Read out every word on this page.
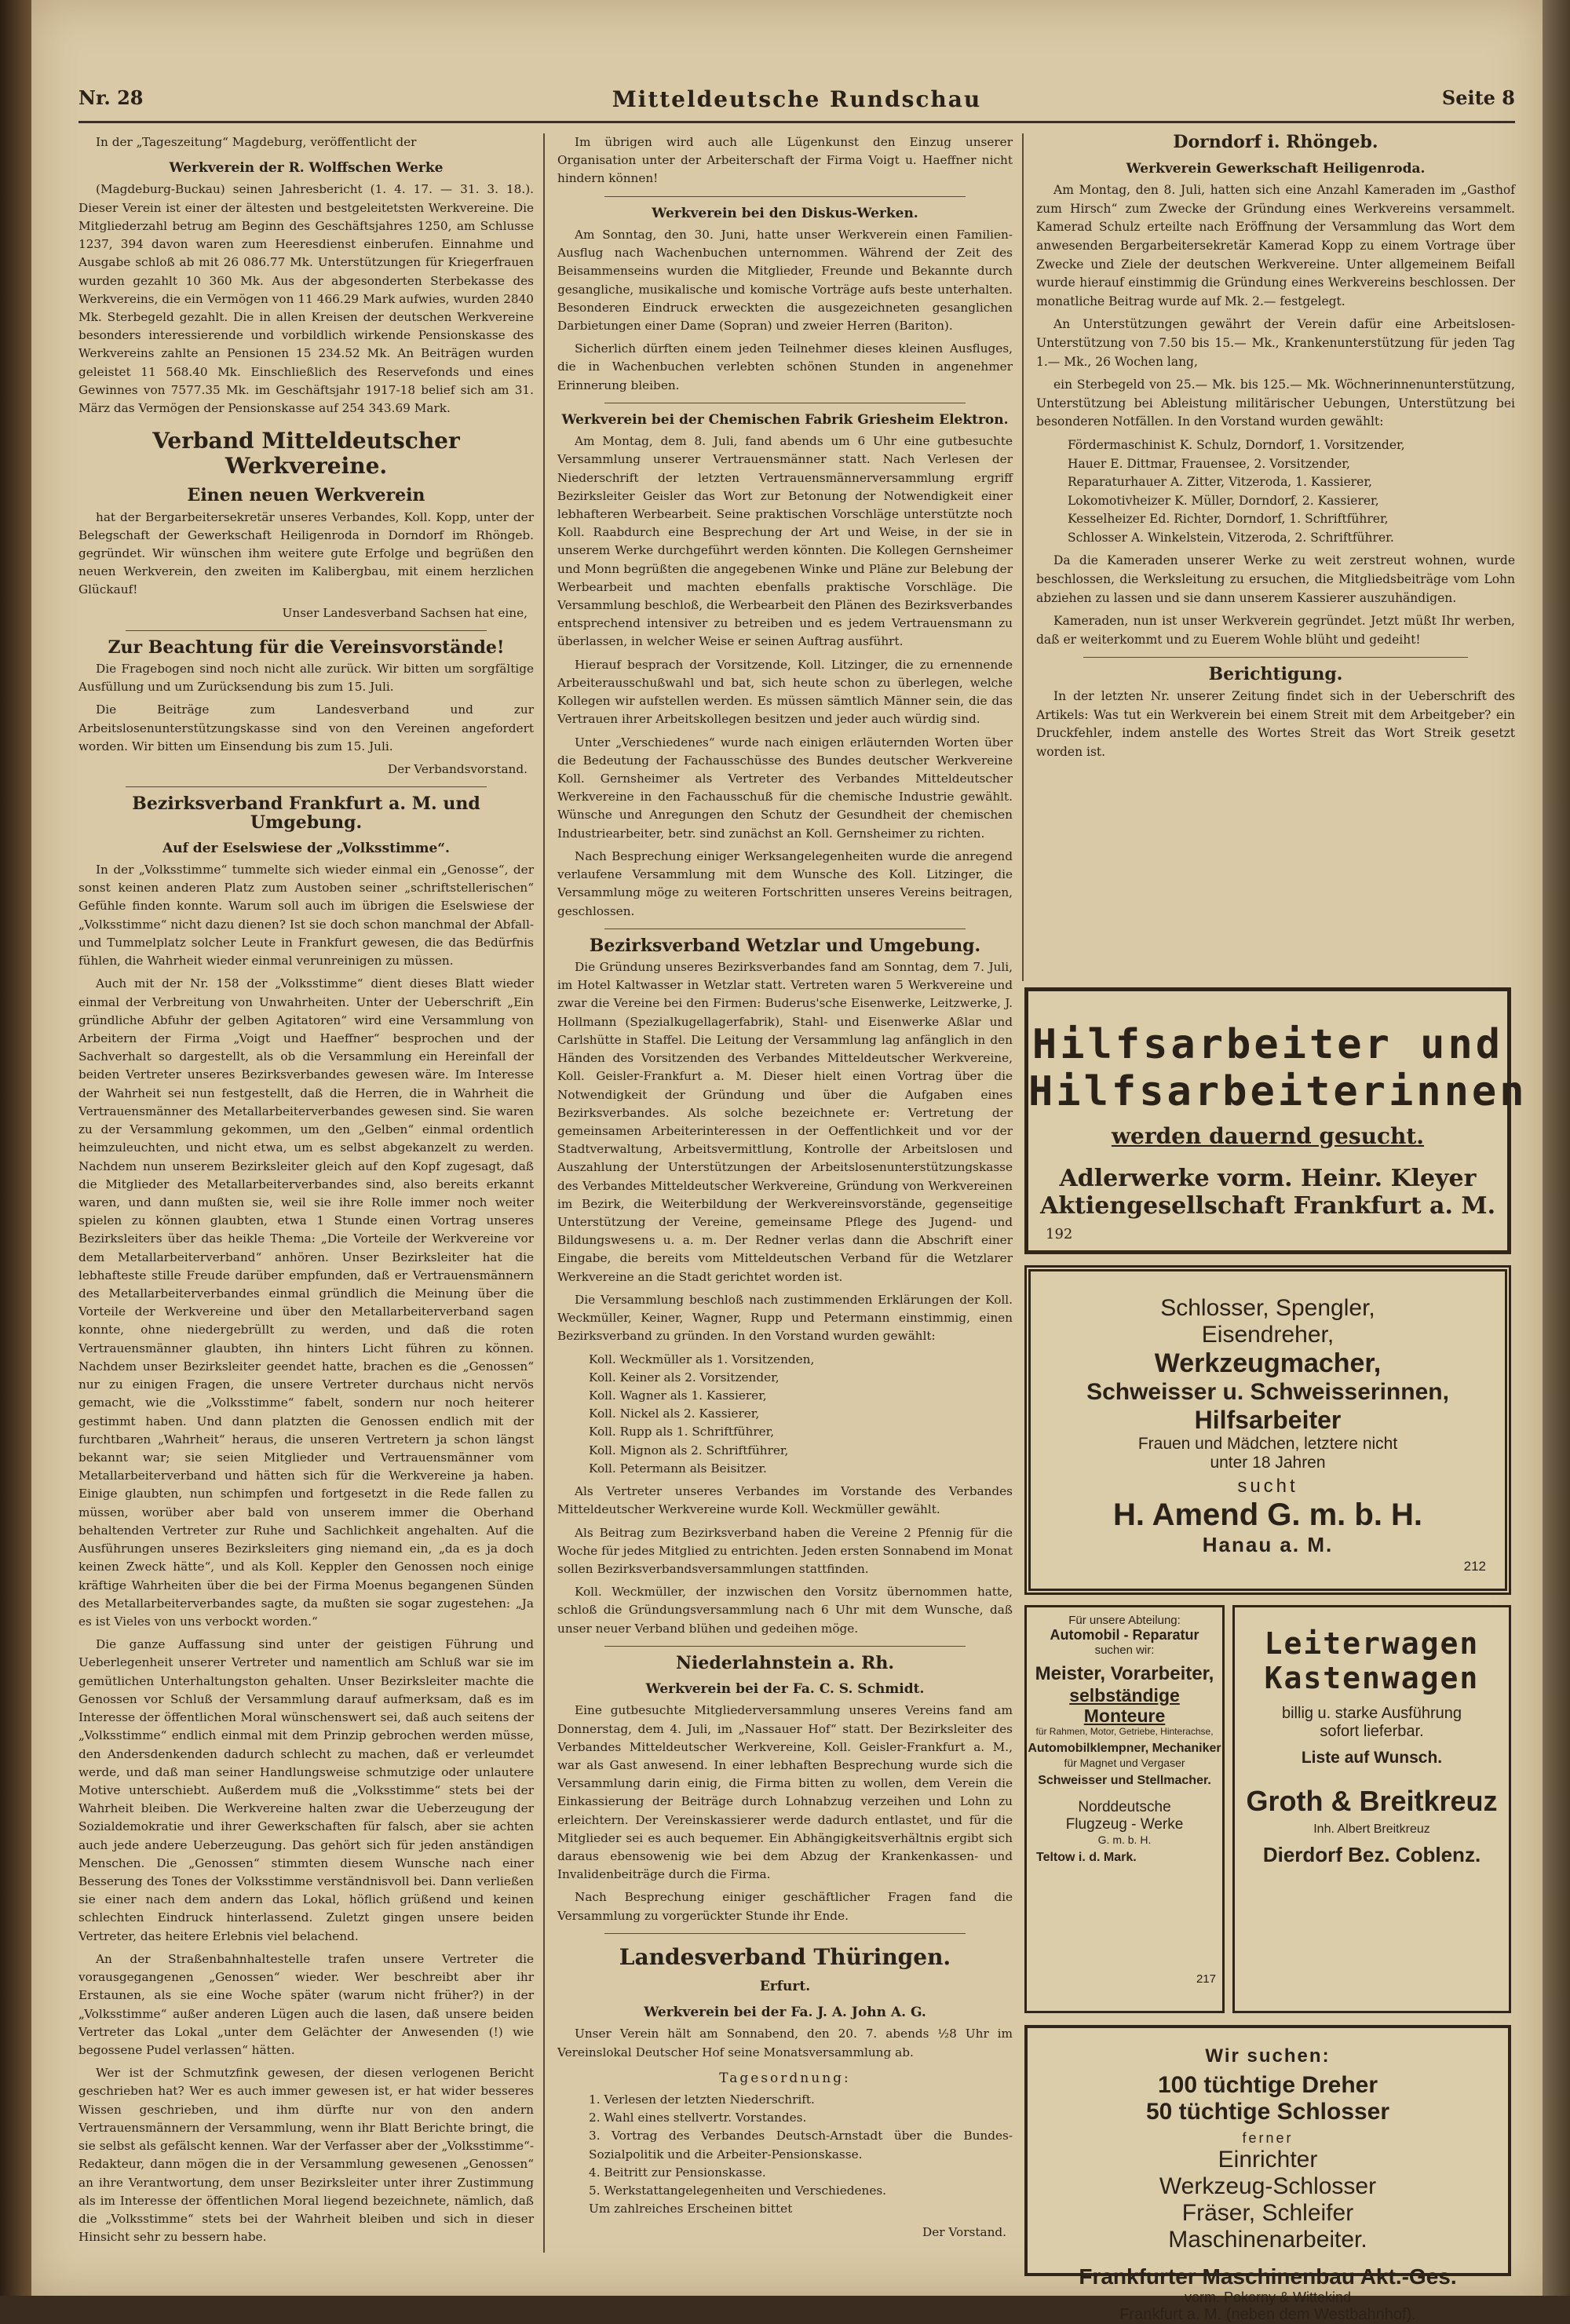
Nr. 28	Mitteldeutsche Rundschau	Seite 8

In der „Tageszeitung“ Magdeburg, veröffentlicht der

Werkverein der R. Wolffschen Werke

(Magdeburg-Buckau) seinen Jahresbericht (1. 4. 17. — 31. 3. 18.). Dieser Verein ist einer der ältesten und bestgeleitetsten Werkvereine. Die Mitgliederzahl betrug am Beginn des Geschäftsjahres 1250, am Schlusse 1237, 394 davon waren zum Heeresdienst einberufen. Einnahme und Ausgabe schloß ab mit 26 086.77 Mk. Unterstützungen für Kriegerfrauen wurden gezahlt 10 360 Mk. Aus der abgesonderten Sterbekasse des Werkvereins, die ein Vermögen von 11 466.29 Mark aufwies, wurden 2840 Mk. Sterbegeld gezahlt. Die in allen Kreisen der deutschen Werkvereine besonders interessierende und vorbildlich wirkende Pensionskasse des Werkvereins zahlte an Pensionen 15 234.52 Mk. An Beiträgen wurden geleistet 11 568.40 Mk. Einschließlich des Reservefonds und eines Gewinnes von 7577.35 Mk. im Geschäftsjahr 1917-18 belief sich am 31. März das Vermögen der Pensionskasse auf 254 343.69 Mark.

Verband Mitteldeutscher Werkvereine.
Einen neuen Werkverein

hat der Bergarbeitersekretär unseres Verbandes, Koll. Kopp, unter der Belegschaft der Gewerkschaft Heiligenroda in Dorndorf im Rhöngeb. gegründet. Wir wünschen ihm weitere gute Erfolge und begrüßen den neuen Werkverein, den zweiten im Kalibergbau, mit einem herzlichen Glückauf!

Unser Landesverband Sachsen hat eine,
Zur Beachtung für die Vereinsvorstände!

Die Fragebogen sind noch nicht alle zurück. Wir bitten um sorgfältige Ausfüllung und um Zurücksendung bis zum 15. Juli.

Die Beiträge zum Landesverband und zur Arbeitslosenunterstützungskasse sind von den Vereinen angefordert worden. Wir bitten um Einsendung bis zum 15. Juli.

Der Verbandsvorstand.
Bezirksverband Frankfurt a. M. und Umgebung.
Auf der Eselswiese der „Volksstimme“.

In der „Volksstimme“ tummelte sich wieder einmal ein „Genosse“, der sonst keinen anderen Platz zum Austoben seiner „schriftstellerischen“ Gefühle finden konnte. Warum soll auch im übrigen die Eselswiese der „Volksstimme“ nicht dazu dienen? Ist sie doch schon manchmal der Abfall- und Tummelplatz solcher Leute in Frankfurt gewesen, die das Bedürfnis fühlen, die Wahrheit wieder einmal verunreinigen zu müssen.

Auch mit der Nr. 158 der „Volksstimme“ dient dieses Blatt wieder einmal der Verbreitung von Unwahrheiten. Unter der Ueberschrift „Ein gründliche Abfuhr der gelben Agitatoren“ wird eine Versammlung von Arbeitern der Firma „Voigt und Haeffner“ besprochen und der Sachverhalt so dargestellt, als ob die Versammlung ein Hereinfall der beiden Vertreter unseres Bezirksverbandes gewesen wäre. Im Interesse der Wahrheit sei nun festgestellt, daß die Herren, die in Wahrheit die Vertrauensmänner des Metallarbeiterverbandes gewesen sind. Sie waren zu der Versammlung gekommen, um den „Gelben“ einmal ordentlich heimzuleuchten, und nicht etwa, um es selbst abgekanzelt zu werden. Nachdem nun unserem Bezirksleiter gleich auf den Kopf zugesagt, daß die Mitglieder des Metallarbeiterverbandes sind, also bereits erkannt waren, und dann mußten sie, weil sie ihre Rolle immer noch weiter spielen zu können glaubten, etwa 1 Stunde einen Vortrag unseres Bezirksleiters über das heikle Thema: „Die Vorteile der Werkvereine vor dem Metallarbeiterverband“ anhören. Unser Bezirksleiter hat die lebhafteste stille Freude darüber empfunden, daß er Vertrauensmännern des Metallarbeiterverbandes einmal gründlich die Meinung über die Vorteile der Werkvereine und über den Metallarbeiterverband sagen konnte, ohne niedergebrüllt zu werden, und daß die roten Vertrauensmänner glaubten, ihn hinters Licht führen zu können. Nachdem unser Bezirksleiter geendet hatte, brachen es die „Genossen“ nur zu einigen Fragen, die unsere Vertreter durchaus nicht nervös gemacht, wie die „Volksstimme“ fabelt, sondern nur noch heiterer gestimmt haben. Und dann platzten die Genossen endlich mit der furchtbaren „Wahrheit“ heraus, die unseren Vertretern ja schon längst bekannt war; sie seien Mitglieder und Vertrauensmänner vom Metallarbeiterverband und hätten sich für die Werkvereine ja haben. Einige glaubten, nun schimpfen und fortgesetzt in die Rede fallen zu müssen, worüber aber bald von unserem immer die Oberhand behaltenden Vertreter zur Ruhe und Sachlichkeit angehalten. Auf die Ausführungen unseres Bezirksleiters ging niemand ein, „da es ja doch keinen Zweck hätte“, und als Koll. Keppler den Genossen noch einige kräftige Wahrheiten über die bei der Firma Moenus begangenen Sünden des Metallarbeiterverbandes sagte, da mußten sie sogar zugestehen: „Ja es ist Vieles von uns verbockt worden.“

Die ganze Auffassung sind unter der geistigen Führung und Ueberlegenheit unserer Vertreter und namentlich am Schluß war sie im gemütlichen Unterhaltungston gehalten. Unser Bezirksleiter machte die Genossen vor Schluß der Versammlung darauf aufmerksam, daß es im Interesse der öffentlichen Moral wünschenswert sei, daß auch seitens der „Volksstimme“ endlich einmal mit dem Prinzip gebrochen werden müsse, den Andersdenkenden dadurch schlecht zu machen, daß er verleumdet werde, und daß man seiner Handlungsweise schmutzige oder unlautere Motive unterschiebt. Außerdem muß die „Volksstimme“ stets bei der Wahrheit bleiben. Die Werkvereine halten zwar die Ueberzeugung der Sozialdemokratie und ihrer Gewerkschaften für falsch, aber sie achten auch jede andere Ueberzeugung. Das gehört sich für jeden anständigen Menschen. Die „Genossen“ stimmten diesem Wunsche nach einer Besserung des Tones der Volksstimme verständnisvoll bei. Dann verließen sie einer nach dem andern das Lokal, höflich grüßend und keinen schlechten Eindruck hinterlassend. Zuletzt gingen unsere beiden Vertreter, das heitere Erlebnis viel belachend.

An der Straßenbahnhaltestelle trafen unsere Vertreter die vorausgegangenen „Genossen“ wieder. Wer beschreibt aber ihr Erstaunen, als sie eine Woche später (warum nicht früher?) in der „Volksstimme“ außer anderen Lügen auch die lasen, daß unsere beiden Vertreter das Lokal „unter dem Gelächter der Anwesenden (!) wie begossene Pudel verlassen“ hätten.

Wer ist der Schmutzfink gewesen, der diesen verlogenen Bericht geschrieben hat? Wer es auch immer gewesen ist, er hat wider besseres Wissen geschrieben, und ihm dürfte nur von den andern Vertrauensmännern der Versammlung, wenn ihr Blatt Berichte bringt, die sie selbst als gefälscht kennen. War der Verfasser aber der „Volksstimme“-Redakteur, dann mögen die in der Versammlung gewesenen „Genossen“ an ihre Verantwortung, dem unser Bezirksleiter unter ihrer Zustimmung als im Interesse der öffentlichen Moral liegend bezeichnete, nämlich, daß die „Volksstimme“ stets bei der Wahrheit bleiben und sich in dieser Hinsicht sehr zu bessern habe.

Im übrigen wird auch alle Lügenkunst den Einzug unserer Organisation unter der Arbeiterschaft der Firma Voigt u. Haeffner nicht hindern können!

Werkverein bei den Diskus-Werken.

Am Sonntag, den 30. Juni, hatte unser Werkverein einen Familien-Ausflug nach Wachenbuchen unternommen. Während der Zeit des Beisammenseins wurden die Mitglieder, Freunde und Bekannte durch gesangliche, musikalische und komische Vorträge aufs beste unterhalten. Besonderen Eindruck erweckten die ausgezeichneten gesanglichen Darbietungen einer Dame (Sopran) und zweier Herren (Bariton).

Sicherlich dürften einem jeden Teilnehmer dieses kleinen Ausfluges, die in Wachenbuchen verlebten schönen Stunden in angenehmer Erinnerung bleiben.

Werkverein bei der Chemischen Fabrik Griesheim Elektron.

Am Montag, dem 8. Juli, fand abends um 6 Uhr eine gutbesuchte Versammlung unserer Vertrauensmänner statt. Nach Verlesen der Niederschrift der letzten Vertrauensmännerversammlung ergriff Bezirksleiter Geisler das Wort zur Betonung der Notwendigkeit einer lebhafteren Werbearbeit. Seine praktischen Vorschläge unterstützte noch Koll. Raabdurch eine Besprechung der Art und Weise, in der sie in unserem Werke durchgeführt werden könnten. Die Kollegen Gernsheimer und Monn begrüßten die angegebenen Winke und Pläne zur Belebung der Werbearbeit und machten ebenfalls praktische Vorschläge. Die Versammlung beschloß, die Werbearbeit den Plänen des Bezirksverbandes entsprechend intensiver zu betreiben und es jedem Vertrauensmann zu überlassen, in welcher Weise er seinen Auftrag ausführt.

Hierauf besprach der Vorsitzende, Koll. Litzinger, die zu ernennende Arbeiterausschußwahl und bat, sich heute schon zu überlegen, welche Kollegen wir aufstellen werden. Es müssen sämtlich Männer sein, die das Vertrauen ihrer Arbeitskollegen besitzen und jeder auch würdig sind.

Unter „Verschiedenes“ wurde nach einigen erläuternden Worten über die Bedeutung der Fachausschüsse des Bundes deutscher Werkvereine Koll. Gernsheimer als Vertreter des Verbandes Mitteldeutscher Werkvereine in den Fachausschuß für die chemische Industrie gewählt. Wünsche und Anregungen den Schutz der Gesundheit der chemischen Industriearbeiter, betr. sind zunächst an Koll. Gernsheimer zu richten.

Nach Besprechung einiger Werksangelegenheiten wurde die anregend verlaufene Versammlung mit dem Wunsche des Koll. Litzinger, die Versammlung möge zu weiteren Fortschritten unseres Vereins beitragen, geschlossen.

Bezirksverband Wetzlar und Umgebung.

Die Gründung unseres Bezirksverbandes fand am Sonntag, dem 7. Juli, im Hotel Kaltwasser in Wetzlar statt. Vertreten waren 5 Werkvereine und zwar die Vereine bei den Firmen: Buderus'sche Eisenwerke, Leitzwerke, J. Hollmann (Spezialkugellagerfabrik), Stahl- und Eisenwerke Aßlar und Carlshütte in Staffel. Die Leitung der Versammlung lag anfänglich in den Händen des Vorsitzenden des Verbandes Mitteldeutscher Werkvereine, Koll. Geisler-Frankfurt a. M. Dieser hielt einen Vortrag über die Notwendigkeit der Gründung und über die Aufgaben eines Bezirksverbandes. Als solche bezeichnete er: Vertretung der gemeinsamen Arbeiterinteressen in der Oeffentlichkeit und vor der Stadtverwaltung, Arbeitsvermittlung, Kontrolle der Arbeitslosen und Auszahlung der Unterstützungen der Arbeitslosenunterstützungskasse des Verbandes Mitteldeutscher Werkvereine, Gründung von Werkvereinen im Bezirk, die Weiterbildung der Werkvereinsvorstände, gegenseitige Unterstützung der Vereine, gemeinsame Pflege des Jugend- und Bildungswesens u. a. m. Der Redner verlas dann die Abschrift einer Eingabe, die bereits vom Mitteldeutschen Verband für die Wetzlarer Werkvereine an die Stadt gerichtet worden ist.

Die Versammlung beschloß nach zustimmenden Erklärungen der Koll. Weckmüller, Keiner, Wagner, Rupp und Petermann einstimmig, einen Bezirksverband zu gründen. In den Vorstand wurden gewählt:

Koll. Weckmüller als 1. Vorsitzenden,
Koll. Keiner als 2. Vorsitzender,
Koll. Wagner als 1. Kassierer,
Koll. Nickel als 2. Kassierer,
Koll. Rupp als 1. Schriftführer,
Koll. Mignon als 2. Schriftführer,
Koll. Petermann als Beisitzer.

Als Vertreter unseres Verbandes im Vorstande des Verbandes Mitteldeutscher Werkvereine wurde Koll. Weckmüller gewählt.

Als Beitrag zum Bezirksverband haben die Vereine 2 Pfennig für die Woche für jedes Mitglied zu entrichten. Jeden ersten Sonnabend im Monat sollen Bezirksverbandsversammlungen stattfinden.

Koll. Weckmüller, der inzwischen den Vorsitz übernommen hatte, schloß die Gründungsversammlung nach 6 Uhr mit dem Wunsche, daß unser neuer Verband blühen und gedeihen möge.

Niederlahnstein a. Rh.
Werkverein bei der Fa. C. S. Schmidt.

Eine gutbesuchte Mitgliederversammlung unseres Vereins fand am Donnerstag, dem 4. Juli, im „Nassauer Hof“ statt. Der Bezirksleiter des Verbandes Mitteldeutscher Werkvereine, Koll. Geisler-Frankfurt a. M., war als Gast anwesend. In einer lebhaften Besprechung wurde sich die Versammlung darin einig, die Firma bitten zu wollen, dem Verein die Einkassierung der Beiträge durch Lohnabzug verzeihen und Lohn zu erleichtern. Der Vereinskassierer werde dadurch entlastet, und für die Mitglieder sei es auch bequemer. Ein Abhängigkeitsverhältnis ergibt sich daraus ebensowenig wie bei dem Abzug der Krankenkassen- und Invalidenbeiträge durch die Firma.

Nach Besprechung einiger geschäftlicher Fragen fand die Versammlung zu vorgerückter Stunde ihr Ende.

Landesverband Thüringen.
Erfurt.
Werkverein bei der Fa. J. A. John A. G.

Unser Verein hält am Sonnabend, den 20. 7. abends ½8 Uhr im Vereinslokal Deutscher Hof seine Monatsversammlung ab.

Tagesordnung:
1. Verlesen der letzten Niederschrift.
2. Wahl eines stellvertr. Vorstandes.
3. Vortrag des Verbandes Deutsch-Arnstadt über die Bundes-Sozialpolitik und die Arbeiter-Pensionskasse.
4. Beitritt zur Pensionskasse.
5. Werkstattangelegenheiten und Verschiedenes.
Um zahlreiches Erscheinen bittet
Der Vorstand.
Dorndorf i. Rhöngeb.
Werkverein Gewerkschaft Heiligenroda.

Am Montag, den 8. Juli, hatten sich eine Anzahl Kameraden im „Gasthof zum Hirsch“ zum Zwecke der Gründung eines Werkvereins versammelt. Kamerad Schulz erteilte nach Eröffnung der Versammlung das Wort dem anwesenden Bergarbeitersekretär Kamerad Kopp zu einem Vortrage über Zwecke und Ziele der deutschen Werkvereine. Unter allgemeinem Beifall wurde hierauf einstimmig die Gründung eines Werkvereins beschlossen. Der monatliche Beitrag wurde auf Mk. 2.— festgelegt.

An Unterstützungen gewährt der Verein dafür eine Arbeitslosen-Unterstützung von 7.50 bis 15.— Mk., Krankenunterstützung für jeden Tag 1.— Mk., 26 Wochen lang,

ein Sterbegeld von 25.— Mk. bis 125.— Mk. Wöchnerinnenunterstützung, Unterstützung bei Ableistung militärischer Uebungen, Unterstützung bei besonderen Notfällen. In den Vorstand wurden gewählt:

Fördermaschinist K. Schulz, Dorndorf, 1. Vorsitzender,
Hauer E. Dittmar, Frauensee, 2. Vorsitzender,
Reparaturhauer A. Zitter, Vitzeroda, 1. Kassierer,
Lokomotivheizer K. Müller, Dorndorf, 2. Kassierer,
Kesselheizer Ed. Richter, Dorndorf, 1. Schriftführer,
Schlosser A. Winkelstein, Vitzeroda, 2. Schriftführer.

Da die Kameraden unserer Werke zu weit zerstreut wohnen, wurde beschlossen, die Werksleitung zu ersuchen, die Mitgliedsbeiträge vom Lohn abziehen zu lassen und sie dann unserem Kassierer auszuhändigen.

Kameraden, nun ist unser Werkverein gegründet. Jetzt müßt Ihr werben, daß er weiterkommt und zu Euerem Wohle blüht und gedeiht!

Berichtigung.

In der letzten Nr. unserer Zeitung findet sich in der Ueberschrift des Artikels: Was tut ein Werkverein bei einem Streit mit dem Arbeitgeber? ein Druckfehler, indem anstelle des Wortes Streit das Wort Streik gesetzt worden ist.

Hilfsarbeiter und
Hilfsarbeiterinnen
werden dauernd gesucht.
Adlerwerke vorm. Heinr. Kleyer
Aktiengesellschaft Frankfurt a. M.
192
Schlosser, Spengler,
Eisendreher,
Werkzeugmacher,
Schweisser u. Schweisserinnen,
Hilfsarbeiter
Frauen und Mädchen, letztere nicht
unter 18 Jahren
sucht
H. Amend G. m. b. H.
Hanau a. M.
212
Für unsere Abteilung:
Automobil - Reparatur
suchen wir:
Meister, Vorarbeiter,
selbständige Monteure
für Rahmen, Motor, Getriebe, Hinterachse,
Automobilklempner, Mechaniker
für Magnet und Vergaser
Schweisser und Stellmacher.
Norddeutsche
Flugzeug - Werke
G. m. b. H.
Teltow i. d. Mark.
217
Leiterwagen
Kastenwagen
billig u. starke Ausführung
sofort lieferbar.
Liste auf Wunsch.
Groth & Breitkreuz
Inh. Albert Breitkreuz
Dierdorf Bez. Coblenz.
Wir suchen:
100 tüchtige Dreher
50 tüchtige Schlosser
ferner
Einrichter
Werkzeug-Schlosser
Fräser, Schleifer
Maschinenarbeiter.
Frankfurter Maschinenbau Akt.-Ges.
vorm. Pokorny & Wittekind
Frankfurt a. M. (neben dem Westbahnhof).
